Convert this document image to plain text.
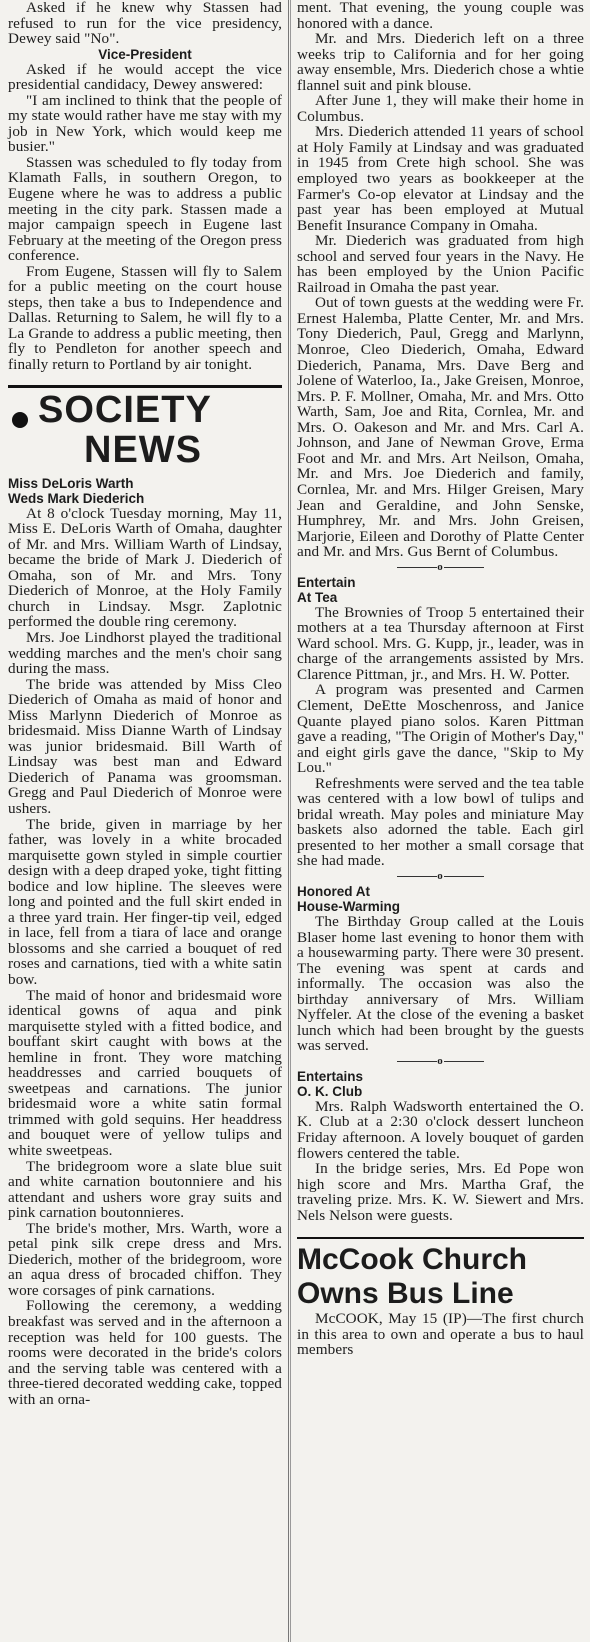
Asked if he knew why Stassen had refused to run for the vice presidency, Dewey said "No".

Vice-President

Asked if he would accept the vice presidential candidacy, Dewey answered:

"I am inclined to think that the people of my state would rather have me stay with my job in New York, which would keep me busier."

Stassen was scheduled to fly today from Klamath Falls, in southern Oregon, to Eugene where he was to address a public meeting in the city park. Stassen made a major campaign speech in Eugene last February at the meeting of the Oregon press conference.

From Eugene, Stassen will fly to Salem for a public meeting on the court house steps, then take a bus to Independence and Dallas. Returning to Salem, he will fly to a La Grande to address a public meeting, then fly to Pendleton for another speech and finally return to Portland by air tonight.

SOCIETY
NEWS
Miss DeLoris Warth
Weds Mark Diederich

At 8 o'clock Tuesday morning, May 11, Miss E. DeLoris Warth of Omaha, daughter of Mr. and Mrs. William Warth of Lindsay, became the bride of Mark J. Diederich of Omaha, son of Mr. and Mrs. Tony Diederich of Monroe, at the Holy Family church in Lindsay. Msgr. Zaplotnic performed the double ring ceremony.

Mrs. Joe Lindhorst played the traditional wedding marches and the men's choir sang during the mass.

The bride was attended by Miss Cleo Diederich of Omaha as maid of honor and Miss Marlynn Diederich of Monroe as bridesmaid. Miss Dianne Warth of Lindsay was junior bridesmaid. Bill Warth of Lindsay was best man and Edward Diederich of Panama was groomsman. Gregg and Paul Diederich of Monroe were ushers.

The bride, given in marriage by her father, was lovely in a white brocaded marquisette gown styled in simple courtier design with a deep draped yoke, tight fitting bodice and low hipline. The sleeves were long and pointed and the full skirt ended in a three yard train. Her finger-tip veil, edged in lace, fell from a tiara of lace and orange blossoms and she carried a bouquet of red roses and carnations, tied with a white satin bow.

The maid of honor and bridesmaid wore identical gowns of aqua and pink marquisette styled with a fitted bodice, and bouffant skirt caught with bows at the hemline in front. They wore matching headdresses and carried bouquets of sweetpeas and carnations. The junior bridesmaid wore a white satin formal trimmed with gold sequins. Her headdress and bouquet were of yellow tulips and white sweetpeas.

The bridegroom wore a slate blue suit and white carnation boutonniere and his attendant and ushers wore gray suits and pink carnation boutonnieres.

The bride's mother, Mrs. Warth, wore a petal pink silk crepe dress and Mrs. Diederich, mother of the bridegroom, wore an aqua dress of brocaded chiffon. They wore corsages of pink carnations.

Following the ceremony, a wedding breakfast was served and in the afternoon a reception was held for 100 guests. The rooms were decorated in the bride's colors and the serving table was centered with a three-tiered decorated wedding cake, topped with an orna-

ment. That evening, the young couple was honored with a dance.

Mr. and Mrs. Diederich left on a three weeks trip to California and for her going away ensemble, Mrs. Diederich chose a whtie flannel suit and pink blouse.

After June 1, they will make their home in Columbus.

Mrs. Diederich attended 11 years of school at Holy Family at Lindsay and was graduated in 1945 from Crete high school. She was employed two years as bookkeeper at the Farmer's Co-op elevator at Lindsay and the past year has been employed at Mutual Benefit Insurance Company in Omaha.

Mr. Diederich was graduated from high school and served four years in the Navy. He has been employed by the Union Pacific Railroad in Omaha the past year.

Out of town guests at the wedding were Fr. Ernest Halemba, Platte Center, Mr. and Mrs. Tony Diederich, Paul, Gregg and Marlynn, Monroe, Cleo Diederich, Omaha, Edward Diederich, Panama, Mrs. Dave Berg and Jolene of Waterloo, Ia., Jake Greisen, Monroe, Mrs. P. F. Mollner, Omaha, Mr. and Mrs. Otto Warth, Sam, Joe and Rita, Cornlea, Mr. and Mrs. O. Oakeson and Mr. and Mrs. Carl A. Johnson, and Jane of Newman Grove, Erma Foot and Mr. and Mrs. Art Neilson, Omaha, Mr. and Mrs. Joe Diederich and family, Cornlea, Mr. and Mrs. Hilger Greisen, Mary Jean and Geraldine, and John Senske, Humphrey, Mr. and Mrs. John Greisen, Marjorie, Eileen and Dorothy of Platte Center and Mr. and Mrs. Gus Bernt of Columbus.

o
Entertain
At Tea

The Brownies of Troop 5 entertained their mothers at a tea Thursday afternoon at First Ward school. Mrs. G. Kupp, jr., leader, was in charge of the arrangements assisted by Mrs. Clarence Pittman, jr., and Mrs. H. W. Potter.

A program was presented and Carmen Clement, DeEtte Moschenross, and Janice Quante played piano solos. Karen Pittman gave a reading, "The Origin of Mother's Day," and eight girls gave the dance, "Skip to My Lou."

Refreshments were served and the tea table was centered with a low bowl of tulips and bridal wreath. May poles and miniature May baskets also adorned the table. Each girl presented to her mother a small corsage that she had made.

o
Honored At
House-Warming

The Birthday Group called at the Louis Blaser home last evening to honor them with a housewarming party. There were 30 present. The evening was spent at cards and informally. The occasion was also the birthday anniversary of Mrs. William Nyffeler. At the close of the evening a basket lunch which had been brought by the guests was served.

o
Entertains
O. K. Club

Mrs. Ralph Wadsworth entertained the O. K. Club at a 2:30 o'clock dessert luncheon Friday afternoon. A lovely bouquet of garden flowers centered the table.

In the bridge series, Mrs. Ed Pope won high score and Mrs. Martha Graf, the traveling prize. Mrs. K. W. Siewert and Mrs. Nels Nelson were guests.

McCook Church
Owns Bus Line

McCOOK, May 15 (IP)—The first church in this area to own and operate a bus to haul members
